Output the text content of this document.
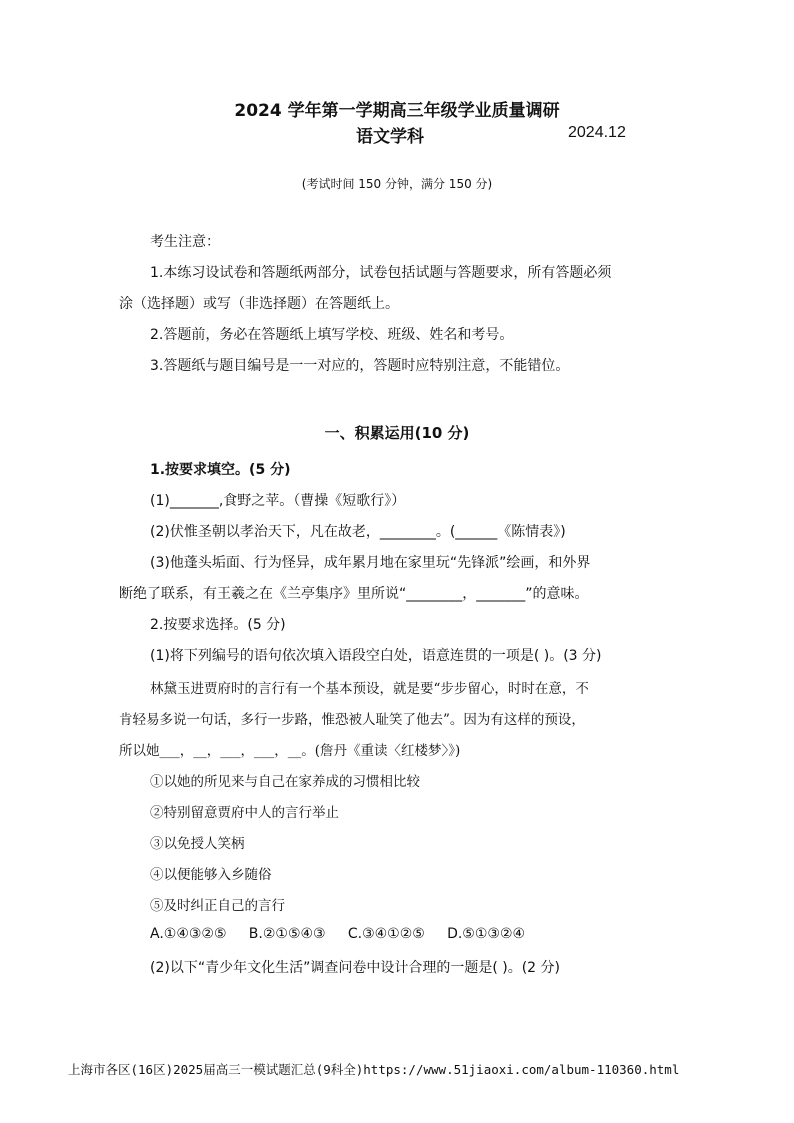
2024 学年第一学期高三年级学业质量调研
语文学科	2024.12
(考试时间 150 分钟，满分 150 分)
考生注意：
1.本练习设试卷和答题纸两部分，试卷包括试题与答题要求，所有答题必须
涂（选择题）或写（非选择题）在答题纸上。
2.答题前，务必在答题纸上填写学校、班级、姓名和考号。
3.答题纸与题目编号是一一对应的，答题时应特别注意，不能错位。
一、积累运用(10 分)
1.按要求填空。(5 分)
(1)_______,食野之苹。（曹操《短歌行》）
(2)伏惟圣朝以孝治天下，凡在故老，________。(______《陈情表》)
(3)他蓬头垢面、行为怪异，成年累月地在家里玩“先锋派”绘画，和外界
断绝了联系，有王羲之在《兰亭集序》里所说“________，_______”的意味。
2.按要求选择。(5 分)
(1)将下列编号的语句依次填入语段空白处，语意连贯的一项是( )。(3 分)
林黛玉进贾府时的言行有一个基本预设，就是要“步步留心，时时在意，不
肯轻易多说一句话，多行一步路，惟恐被人耻笑了他去”。因为有这样的预设，
所以她___，__，___，___，__。(詹丹《重读〈红楼梦〉》)
①以她的所见来与自己在家养成的习惯相比较
②特别留意贾府中人的言行举止
③以免授人笑柄
④以便能够入乡随俗
⑤及时纠正自己的言行
A.①④③②⑤     B.②①⑤④③     C.③④①②⑤     D.⑤①③②④
(2)以下“青少年文化生活”调查问卷中设计合理的一题是( )。(2 分)
上海市各区(16区)2025届高三一模试题汇总(9科全)https://www.51jiaoxi.com/album-110360.html
